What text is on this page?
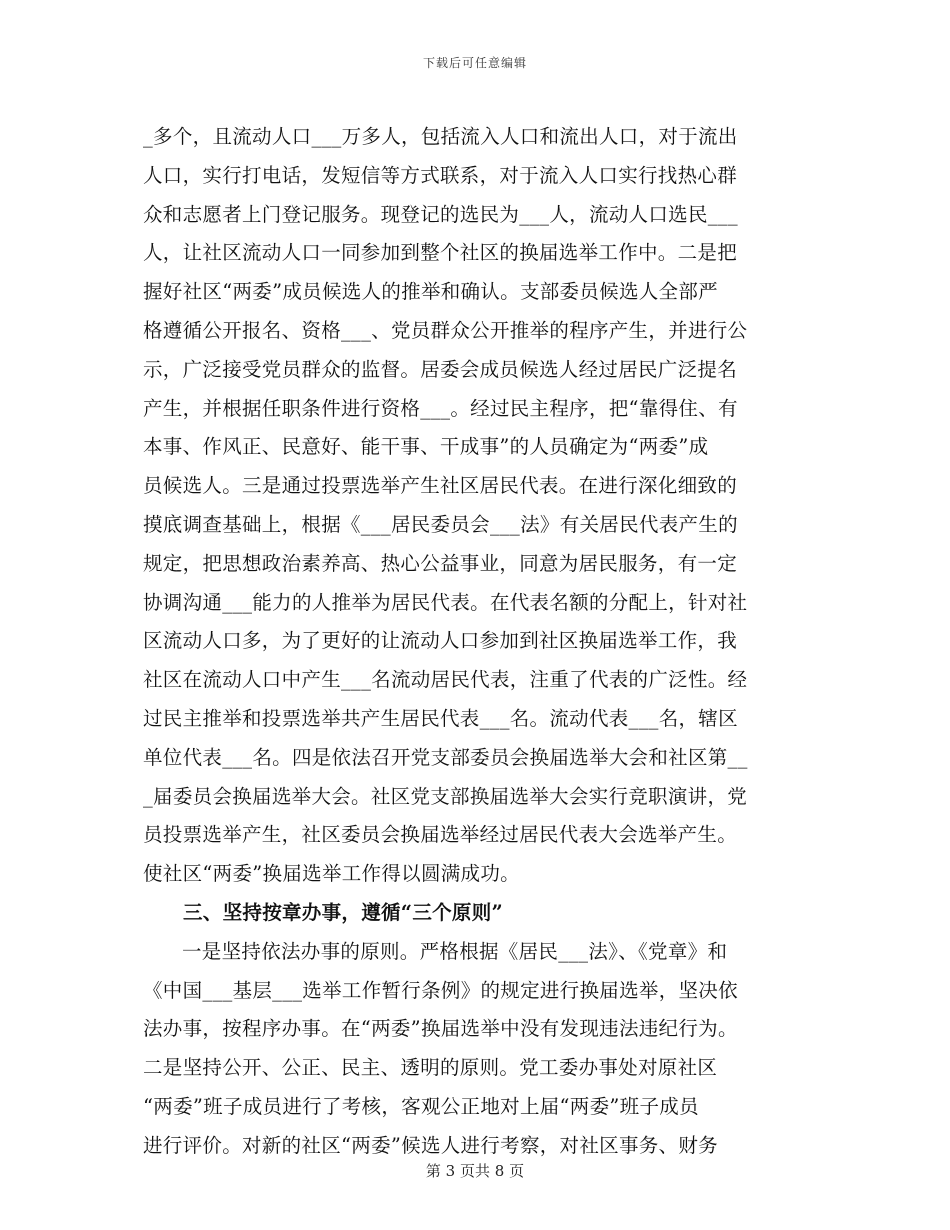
下载后可任意编辑
_多个，且流动人口___万多人，包括流入人口和流出人口，对于流出
人口，实行打电话，发短信等方式联系，对于流入人口实行找热心群
众和志愿者上门登记服务。现登记的选民为___人，流动人口选民___
人，让社区流动人口一同参加到整个社区的换届选举工作中。二是把
握好社区“两委”成员候选人的推举和确认。支部委员候选人全部严
格遵循公开报名、资格___、党员群众公开推举的程序产生，并进行公
示，广泛接受党员群众的监督。居委会成员候选人经过居民广泛提名
产生，并根据任职条件进行资格___。经过民主程序，把“靠得住、有
本事、作风正、民意好、能干事、干成事”的人员确定为“两委”成
员候选人。三是通过投票选举产生社区居民代表。在进行深化细致的
摸底调查基础上，根据《___居民委员会___法》有关居民代表产生的
规定，把思想政治素养高、热心公益事业，同意为居民服务，有一定
协调沟通___能力的人推举为居民代表。在代表名额的分配上，针对社
区流动人口多，为了更好的让流动人口参加到社区换届选举工作，我
社区在流动人口中产生___名流动居民代表，注重了代表的广泛性。经
过民主推举和投票选举共产生居民代表___名。流动代表___名，辖区
单位代表___名。四是依法召开党支部委员会换届选举大会和社区第__
_届委员会换届选举大会。社区党支部换届选举大会实行竞职演讲，党
员投票选举产生，社区委员会换届选举经过居民代表大会选举产生。
使社区“两委”换届选举工作得以圆满成功。
三、坚持按章办事，遵循“三个原则”
一是坚持依法办事的原则。严格根据《居民___法》、《党章》和
《中国___基层___选举工作暂行条例》的规定进行换届选举，坚决依
法办事，按程序办事。在“两委”换届选举中没有发现违法违纪行为。
二是坚持公开、公正、民主、透明的原则。党工委办事处对原社区
“两委”班子成员进行了考核，客观公正地对上届“两委”班子成员
进行评价。对新的社区“两委”候选人进行考察，对社区事务、财务
第 3 页共 8 页
